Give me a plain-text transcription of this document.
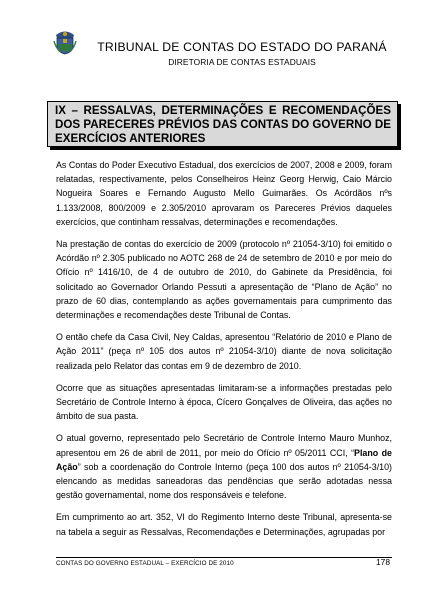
TRIBUNAL DE CONTAS DO ESTADO DO PARANÁ
DIRETORIA DE CONTAS ESTADUAIS
IX – RESSALVAS, DETERMINAÇÕES E RECOMENDAÇÕES DOS PARECERES PRÉVIOS DAS CONTAS DO GOVERNO DE EXERCÍCIOS ANTERIORES

As Contas do Poder Executivo Estadual, dos exercícios de 2007, 2008 e 2009, foram relatadas, respectivamente, pelos Conselheiros Heinz Georg Herwig, Caio Márcio Nogueira Soares e Fernando Augusto Mello Guimarães. Os Acórdãos nºs 1.133/2008, 800/2009 e 2.305/2010 aprovaram os Pareceres Prévios daqueles exercícios, que continham ressalvas, determinações e recomendações.

Na prestação de contas do exercício de 2009 (protocolo nº 21054-3/10) foi emitido o Acórdão nº 2.305 publicado no AOTC 268 de 24 de setembro de 2010 e por meio do Ofício nº 1416/10, de 4 de outubro de 2010, do Gabinete da Presidência, foi solicitado ao Governador Orlando Pessuti a apresentação de “Plano de Ação” no prazo de 60 dias, contemplando as ações governamentais para cumprimento das determinações e recomendações deste Tribunal de Contas.

O então chefe da Casa Civil, Ney Caldas, apresentou “Relatório de 2010 e Plano de Ação 2011” (peça nº 105 dos autos nº 21054-3/10) diante de nova solicitação realizada pelo Relator das contas em 9 de dezembro de 2010.

Ocorre que as situações apresentadas limitaram-se a informações prestadas pelo Secretário de Controle Interno à época, Cícero Gonçalves de Oliveira, das ações no âmbito de sua pasta.

O atual governo, representado pelo Secretário de Controle Interno Mauro Munhoz, apresentou em 26 de abril de 2011, por meio do Ofício nº 05/2011 CCI, “Plano de Ação” sob a coordenação do Controle Interno (peça 100 dos autos nº 21054-3/10) elencando as medidas saneadoras das pendências que serão adotadas nessa gestão governamental, nome dos responsáveis e telefone.

Em cumprimento ao art. 352, VI do Regimento Interno deste Tribunal, apresenta-se na tabela a seguir as Ressalvas, Recomendações e Determinações, agrupadas por

CONTAS DO GOVERNO ESTADUAL – EXERCÍCIO DE 2010	178
